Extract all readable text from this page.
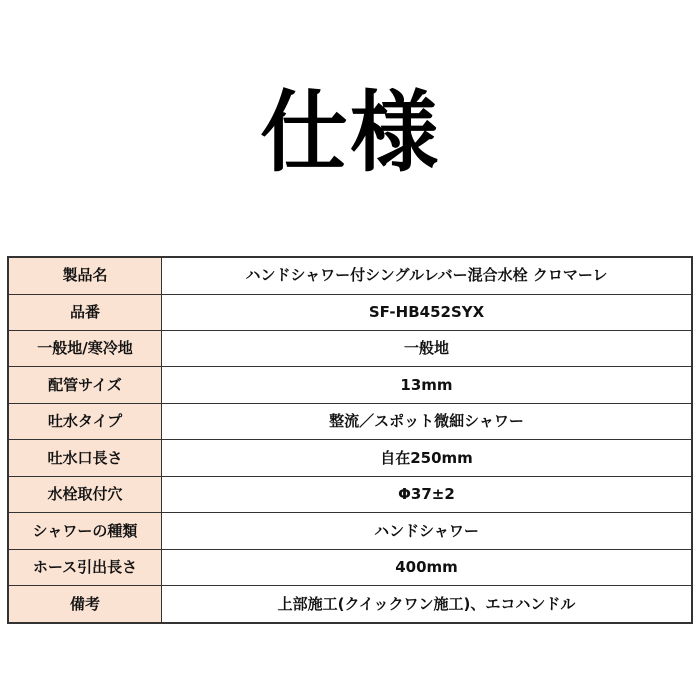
仕様
製品名	ハンドシャワー付シングルレバー混合水栓 クロマーレ
品番	SF-HB452SYX
一般地/寒冷地	一般地
配管サイズ	13mm
吐水タイプ	整流／スポット微細シャワー
吐水口長さ	自在250mm
水栓取付穴	Φ37±2
シャワーの種類	ハンドシャワー
ホース引出長さ	400mm
備考	上部施工(クイックワン施工)、エコハンドル
